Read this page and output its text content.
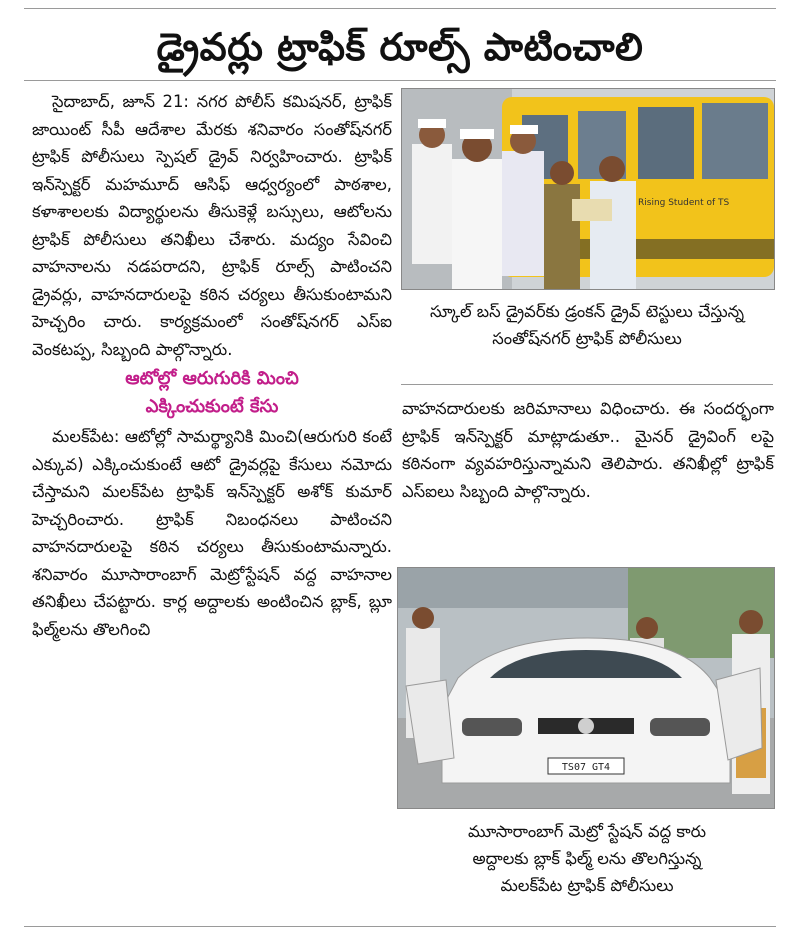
డ్రైవర్లు ట్రాఫిక్ రూల్స్ పాటించాలి

సైదాబాద్, జూన్ 21: నగర పోలీస్ కమిషనర్, ట్రాఫిక్ జాయింట్ సీపీ ఆదేశాల మేరకు శనివారం సంతోష్‌నగర్ ట్రాఫిక్ పోలీసులు స్పెషల్ డ్రైవ్ నిర్వహించారు. ట్రాఫిక్ ఇన్‌స్పెక్టర్ మహమూద్ ఆసిఫ్ ఆధ్వర్యంలో పాఠశాల, కళాశాలలకు విద్యార్థులను తీసుకెళ్లే బస్సులు, ఆటోలను ట్రాఫిక్ పోలీసులు తనిఖీలు చేశారు. మద్యం సేవించి వాహనాలను నడపరాదని, ట్రాఫిక్ రూల్స్ పాటించని డ్రైవర్లు, వాహనదారులపై కఠిన చర్యలు తీసుకుంటామని హెచ్చరిం చారు. కార్యక్రమంలో సంతోష్‌నగర్ ఎస్ఐ వెంకటప్ప, సిబ్బంది పాల్గొన్నారు.

ఆటోల్లో ఆరుగురికి మించి
ఎక్కించుకుంటే కేసు

మలక్‌పేట: ఆటోల్లో సామర్థ్యానికి మించి(ఆరుగురి కంటే ఎక్కువ) ఎక్కించుకుంటే ఆటో డ్రైవర్లపై కేసులు నమోదు చేస్తామని మలక్‌పేట ట్రాఫిక్ ఇన్‌స్పెక్టర్ అశోక్ కుమార్ హెచ్చరించారు. ట్రాఫిక్ నిబంధనలు పాటించని వాహనదారులపై కఠిన చర్యలు తీసుకుంటామన్నారు. శనివారం మూసారాంబాగ్ మెట్రోస్టేషన్ వద్ద వాహనాల తనిఖీలు చేపట్టారు. కార్ల అద్దాలకు అంటించిన బ్లాక్, బ్లూ ఫిల్మ్‌లను తొలగించి

Rising Student of TS
స్కూల్ బస్ డ్రైవర్‌కు డ్రంకన్ డ్రైవ్ టెస్టులు చేస్తున్న
సంతోష్‌నగర్ ట్రాఫిక్ పోలీసులు

వాహనదారులకు జరిమానాలు విధించారు. ఈ సందర్భంగా ట్రాఫిక్ ఇన్‌స్పెక్టర్ మాట్లాడుతూ.. మైనర్ డ్రైవింగ్ లపై కఠినంగా వ్యవహరిస్తున్నామని తెలిపారు. తనిఖీల్లో ట్రాఫిక్ ఎస్ఐలు సిబ్బంది పాల్గొన్నారు.

TS07 GT4
మూసారాంబాగ్ మెట్రో స్టేషన్ వద్ద కారు
అద్దాలకు బ్లాక్ ఫిల్మ్ లను తొలగిస్తున్న
మలక్‌పేట ట్రాఫిక్ పోలీసులు
